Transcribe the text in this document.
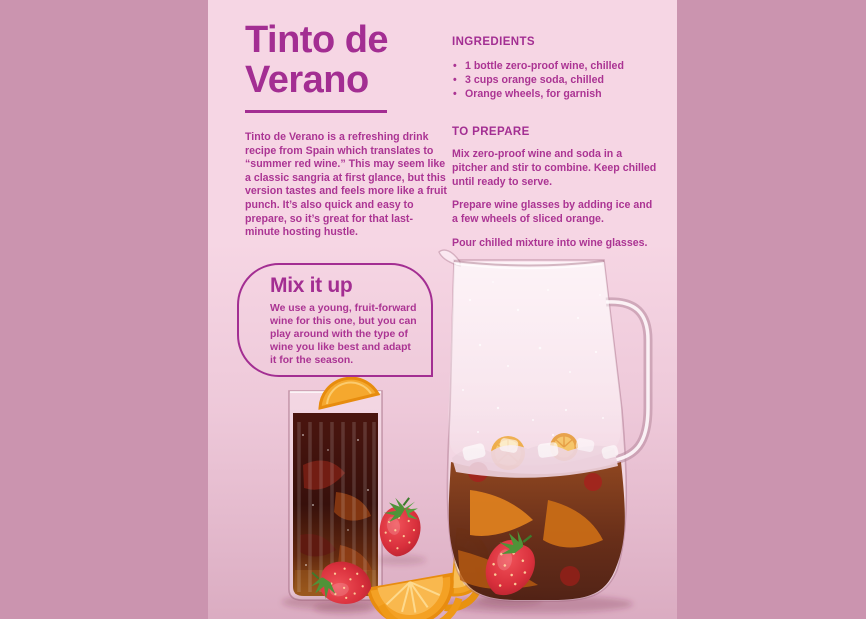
Tinto de
Verano

Tinto de Verano is a refreshing drink recipe from Spain which translates to “summer red wine.” This may seem like a classic sangria at first glance, but this version tastes and feels more like a fruit punch. It’s also quick and easy to prepare, so it’s great for that last-minute hosting hustle.

INGREDIENTS
• 1 bottle zero-proof wine, chilled
• 3 cups orange soda, chilled
• Orange wheels, for garnish
TO PREPARE

Mix zero-proof wine and soda in a pitcher and stir to combine. Keep chilled until ready to serve.

Prepare wine glasses by adding ice and a few wheels of sliced orange.

Mix it up

We use a young, fruit-forward wine for this one, but you can play around with the type of wine you like best and adapt it for the season.
